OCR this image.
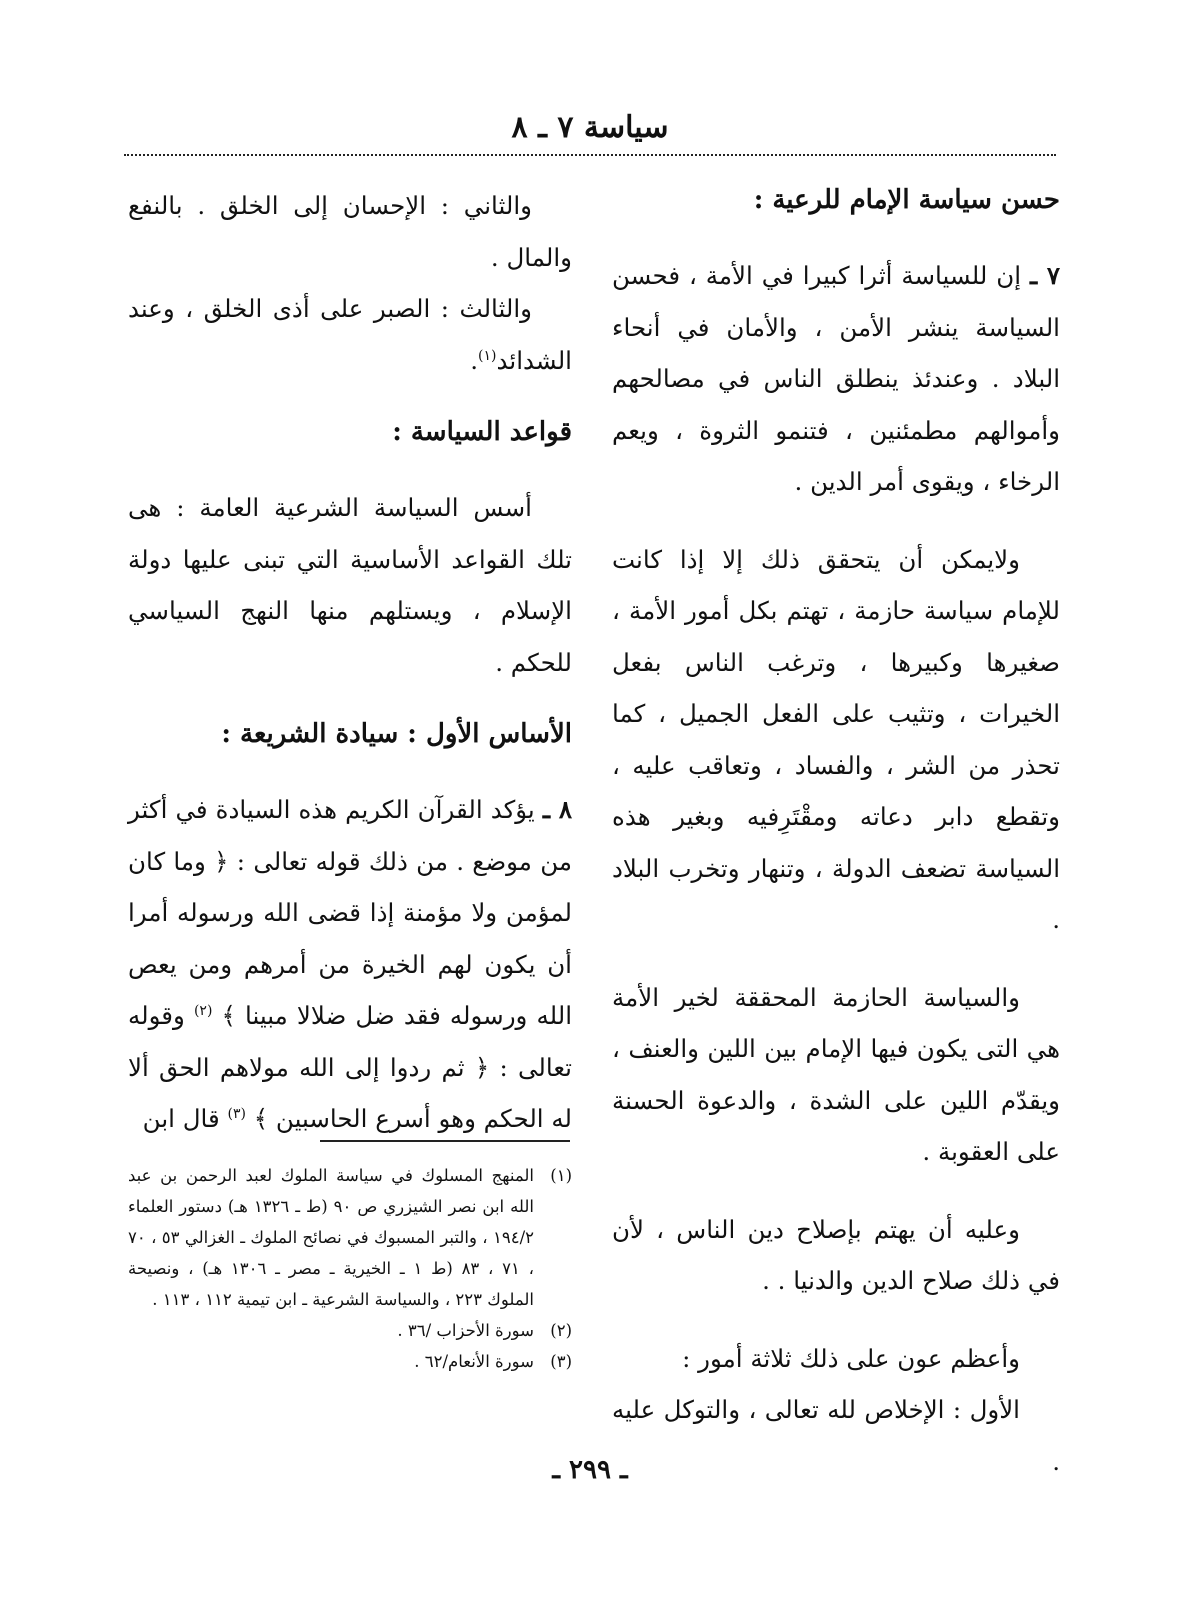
سياسة ٧ ـ ٨
حسن سياسة الإمام للرعية :

٧ ـ إن للسياسة أثرا كبيرا في الأمة ، فحسن السياسة ينشر الأمن ، والأمان في أنحاء البلاد . وعندئذ ينطلق الناس في مصالحهم وأموالهم مطمئنين ، فتنمو الثروة ، ويعم الرخاء ، ويقوى أمر الدين .

ولايمكن أن يتحقق ذلك إلا إذا كانت للإمام سياسة حازمة ، تهتم بكل أمور الأمة ، صغيرها وكبيرها ، وترغب الناس بفعل الخيرات ، وتثيب على الفعل الجميل ، كما تحذر من الشر ، والفساد ، وتعاقب عليه ، وتقطع دابر دعاته ومقْتَرِفيه وبغير هذه السياسة تضعف الدولة ، وتنهار وتخرب البلاد .

والسياسة الحازمة المحققة لخير الأمة هي التى يكون فيها الإمام بين اللين والعنف ، ويقدّم اللين على الشدة ، والدعوة الحسنة على العقوبة .

وعليه أن يهتم بإصلاح دين الناس ، لأن في ذلك صلاح الدين والدنيا . .

وأعظم عون على ذلك ثلاثة أمور :

الأول : الإخلاص لله تعالى ، والتوكل عليه .

والثاني : الإحسان إلى الخلق . بالنفع والمال .

والثالث : الصبر على أذى الخلق ، وعند الشدائد$^{(١)}$.

قواعد السياسة :

أسس السياسة الشرعية العامة : هى تلك القواعد الأساسية التي تبنى عليها دولة الإسلام ، ويستلهم منها النهج السياسي للحكم .

الأساس الأول : سيادة الشريعة :

٨ ـ يؤكد القرآن الكريم هذه السيادة في أكثر من موضع . من ذلك قوله تعالى : ﴿ وما كان لمؤمن ولا مؤمنة إذا قضى الله ورسوله أمرا أن يكون لهم الخيرة من أمرهم ومن يعص الله ورسوله فقد ضل ضلالا مبينا ﴾ $^{(٢)}$ وقوله تعالى : ﴿ ثم ردوا إلى الله مولاهم الحق ألا له الحكم وهو أسرع الحاسبين ﴾ $^{(٣)}$ قال ابن

(١)
المنهج المسلوك في سياسة الملوك لعبد الرحمن بن عبد الله ابن نصر الشيزري ص ٩٠ (ط ـ ١٣٢٦ هـ) دستور العلماء ١٩٤/٢ ، والتبر المسبوك في نصائح الملوك ـ الغزالي ٥٣ ، ٧٠ ، ٧١ ، ٨٣ (ط ١ ـ الخيرية ـ مصر ـ ١٣٠٦ هـ) ، ونصيحة الملوك ٢٢٣ ، والسياسة الشرعية ـ ابن تيمية ١١٢ ، ١١٣ .
(٢)
سورة الأحزاب /٣٦ .
(٣)
سورة الأنعام/٦٢ .
ـ ٢٩٩ ـ
